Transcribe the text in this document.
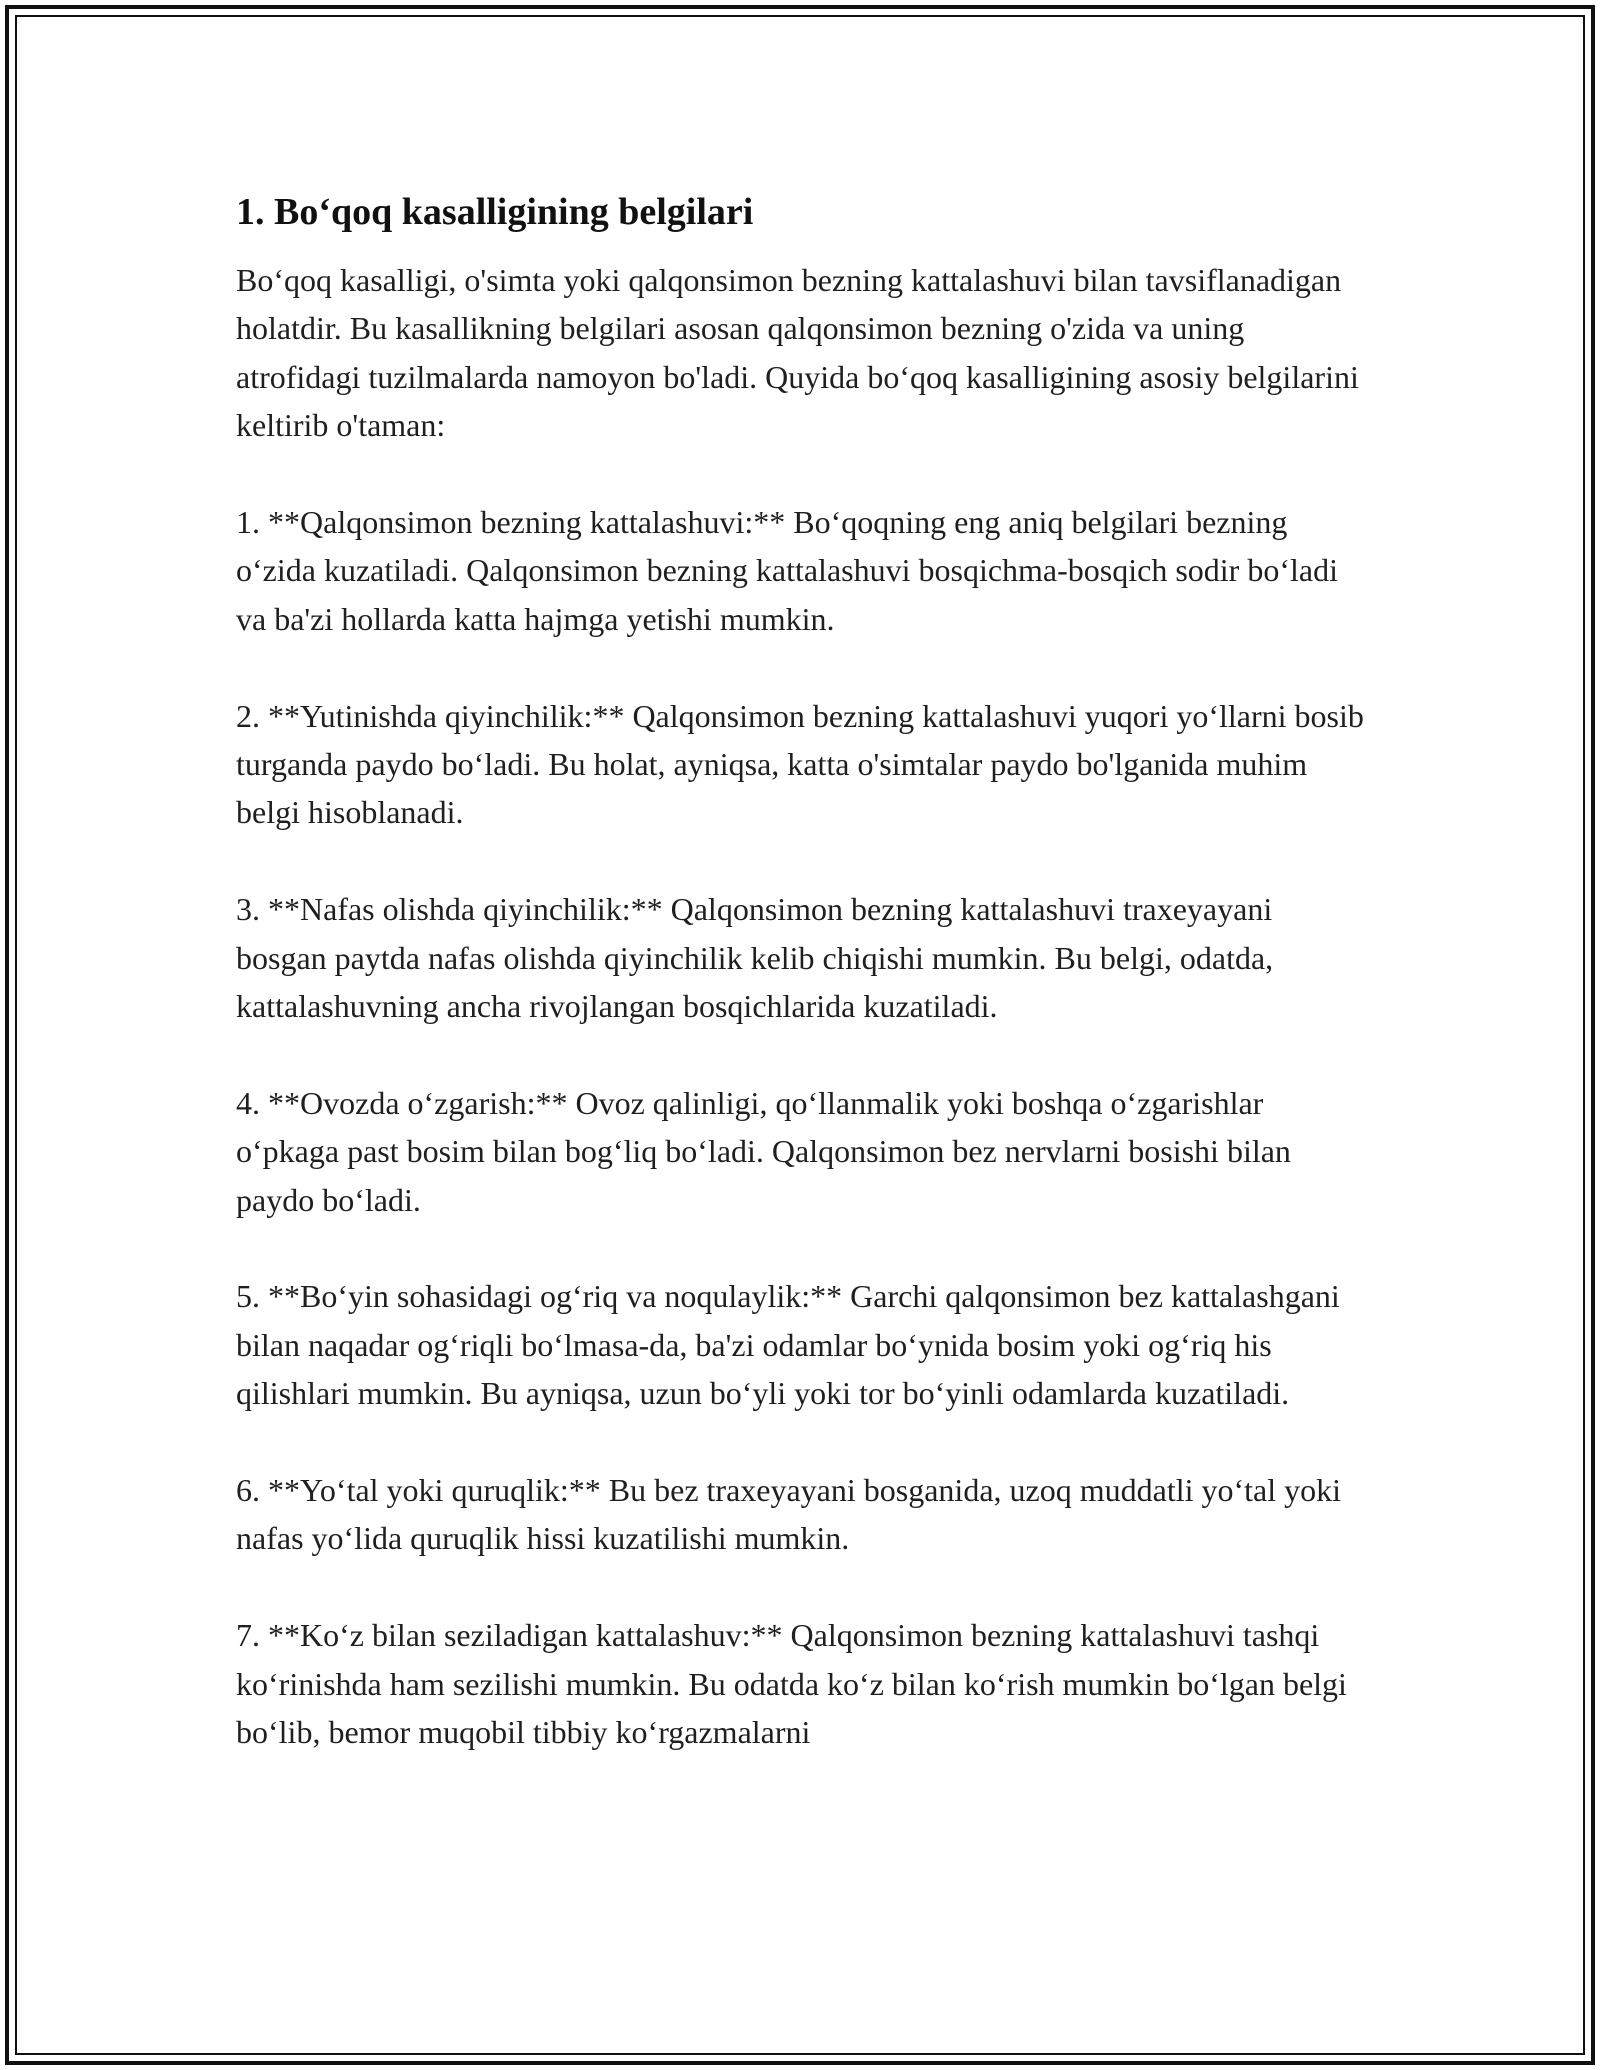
1. Bo‘qoq kasalligining belgilari

Bo‘qoq kasalligi, o'simta yoki qalqonsimon bezning kattalashuvi bilan tavsiflanadigan holatdir. Bu kasallikning belgilari asosan qalqonsimon bezning o'zida va uning atrofidagi tuzilmalarda namoyon bo'ladi. Quyida bo‘qoq kasalligining asosiy belgilarini keltirib o'taman:

1. **Qalqonsimon bezning kattalashuvi:** Bo‘qoqning eng aniq belgilari bezning o‘zida kuzatiladi. Qalqonsimon bezning kattalashuvi bosqichma-bosqich sodir bo‘ladi va ba'zi hollarda katta hajmga yetishi mumkin.

2. **Yutinishda qiyinchilik:** Qalqonsimon bezning kattalashuvi yuqori yo‘llarni bosib turganda paydo bo‘ladi. Bu holat, ayniqsa, katta o'simtalar paydo bo'lganida muhim belgi hisoblanadi.

3. **Nafas olishda qiyinchilik:** Qalqonsimon bezning kattalashuvi traxeyayani bosgan paytda nafas olishda qiyinchilik kelib chiqishi mumkin. Bu belgi, odatda, kattalashuvning ancha rivojlangan bosqichlarida kuzatiladi.

4. **Ovozda o‘zgarish:** Ovoz qalinligi, qo‘llanmalik yoki boshqa o‘zgarishlar o‘pkaga past bosim bilan bog‘liq bo‘ladi. Qalqonsimon bez nervlarni bosishi bilan paydo bo‘ladi.

5. **Bo‘yin sohasidagi og‘riq va noqulaylik:** Garchi qalqonsimon bez kattalashgani bilan naqadar og‘riqli bo‘lmasa-da, ba'zi odamlar bo‘ynida bosim yoki og‘riq his qilishlari mumkin. Bu ayniqsa, uzun bo‘yli yoki tor bo‘yinli odamlarda kuzatiladi.

6. **Yo‘tal yoki quruqlik:** Bu bez traxeyayani bosganida, uzoq muddatli yo‘tal yoki nafas yo‘lida quruqlik hissi kuzatilishi mumkin.

7. **Ko‘z bilan seziladigan kattalashuv:** Qalqonsimon bezning kattalashuvi tashqi ko‘rinishda ham sezilishi mumkin. Bu odatda ko‘z bilan ko‘rish mumkin bo‘lgan belgi bo‘lib, bemor muqobil tibbiy ko‘rgazmalarni
